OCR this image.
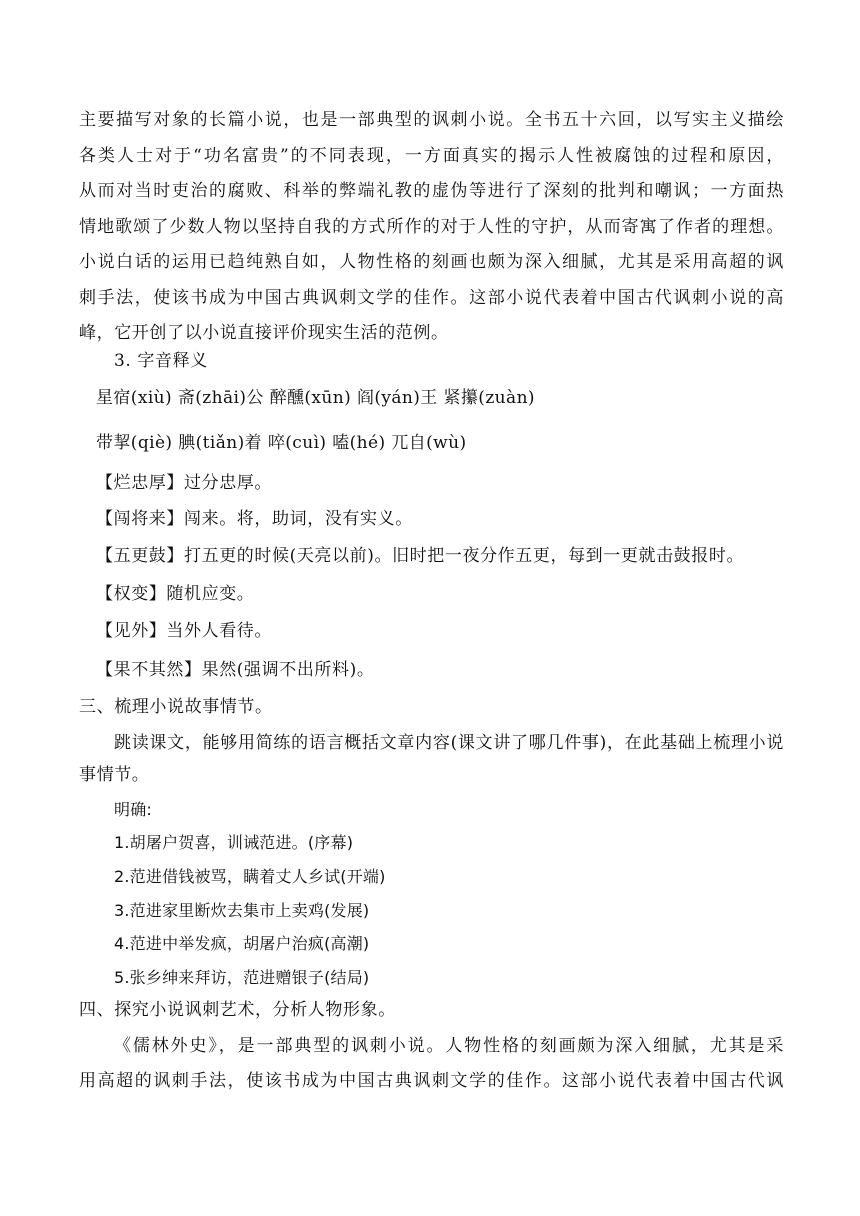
主要描写对象的长篇小说，也是一部典型的讽刺小说。全书五十六回，以写实主义描绘
各类人士对于“功名富贵”的不同表现，一方面真实的揭示人性被腐蚀的过程和原因，
从而对当时吏治的腐败、科举的弊端礼教的虚伪等进行了深刻的批判和嘲讽；一方面热
情地歌颂了少数人物以坚持自我的方式所作的对于人性的守护，从而寄寓了作者的理想。
小说白话的运用已趋纯熟自如，人物性格的刻画也颇为深入细腻，尤其是采用高超的讽
刺手法，使该书成为中国古典讽刺文学的佳作。这部小说代表着中国古代讽刺小说的高
峰，它开创了以小说直接评价现实生活的范例。
3. 字音释义
星宿(xiù) 斋(zhāi)公 醉醺(xūn) 阎(yán)王 紧攥(zuàn)
带挈(qiè) 腆(tiǎn)着 啐(cuì) 嗑(hé) 兀自(wù)
【烂忠厚】过分忠厚。
【闯将来】闯来。将，助词，没有实义。
【五更鼓】打五更的时候(天亮以前)。旧时把一夜分作五更，每到一更就击鼓报时。
【权变】随机应变。
【见外】当外人看待。
【果不其然】果然(强调不出所料)。
三、梳理小说故事情节。
跳读课文，能够用简练的语言概括文章内容(课文讲了哪几件事)，在此基础上梳理小说
事情节。
明确:
1.胡屠户贺喜，训诫范进。(序幕)
2.范进借钱被骂，瞒着丈人乡试(开端)
3.范进家里断炊去集市上卖鸡(发展)
4.范进中举发疯，胡屠户治疯(高潮)
5.张乡绅来拜访，范进赠银子(结局)
四、探究小说讽刺艺术，分析人物形象。
《儒林外史》，是一部典型的讽刺小说。人物性格的刻画颇为深入细腻，尤其是采
用高超的讽刺手法，使该书成为中国古典讽刺文学的佳作。这部小说代表着中国古代讽
